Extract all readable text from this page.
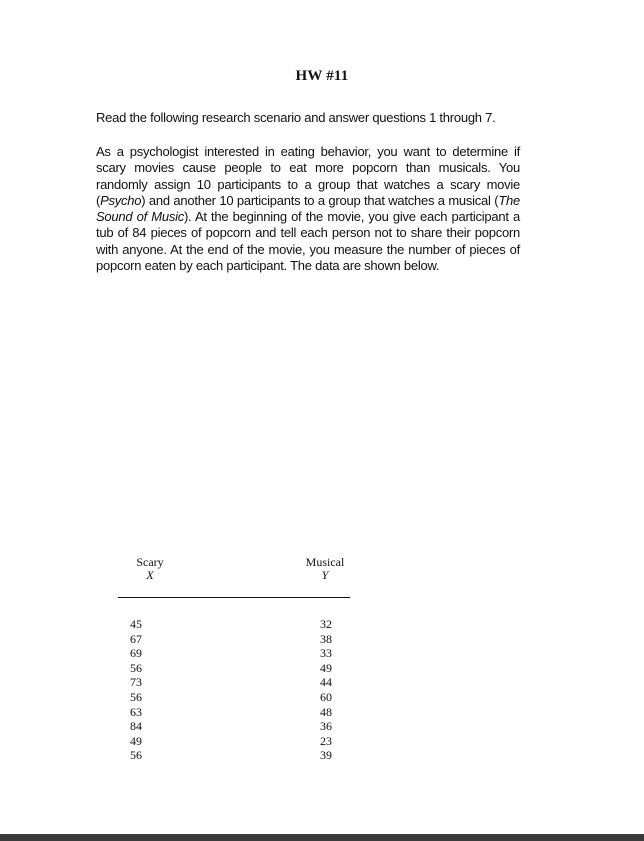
HW #11
Read the following research scenario and answer questions 1 through 7.
As a psychologist interested in eating behavior, you want to determine if scary movies cause people to eat more popcorn than musicals. You randomly assign 10 participants to a group that watches a scary movie (Psycho) and another 10 participants to a group that watches a musical (The Sound of Music). At the beginning of the movie, you give each participant a tub of 84 pieces of popcorn and tell each person not to share their popcorn with anyone. At the end of the movie, you measure the number of pieces of popcorn eaten by each participant. The data are shown below.
Scary
X
Musical
Y
45
67
69
56
73
56
63
84
49
56
32
38
33
49
44
60
48
36
23
39
